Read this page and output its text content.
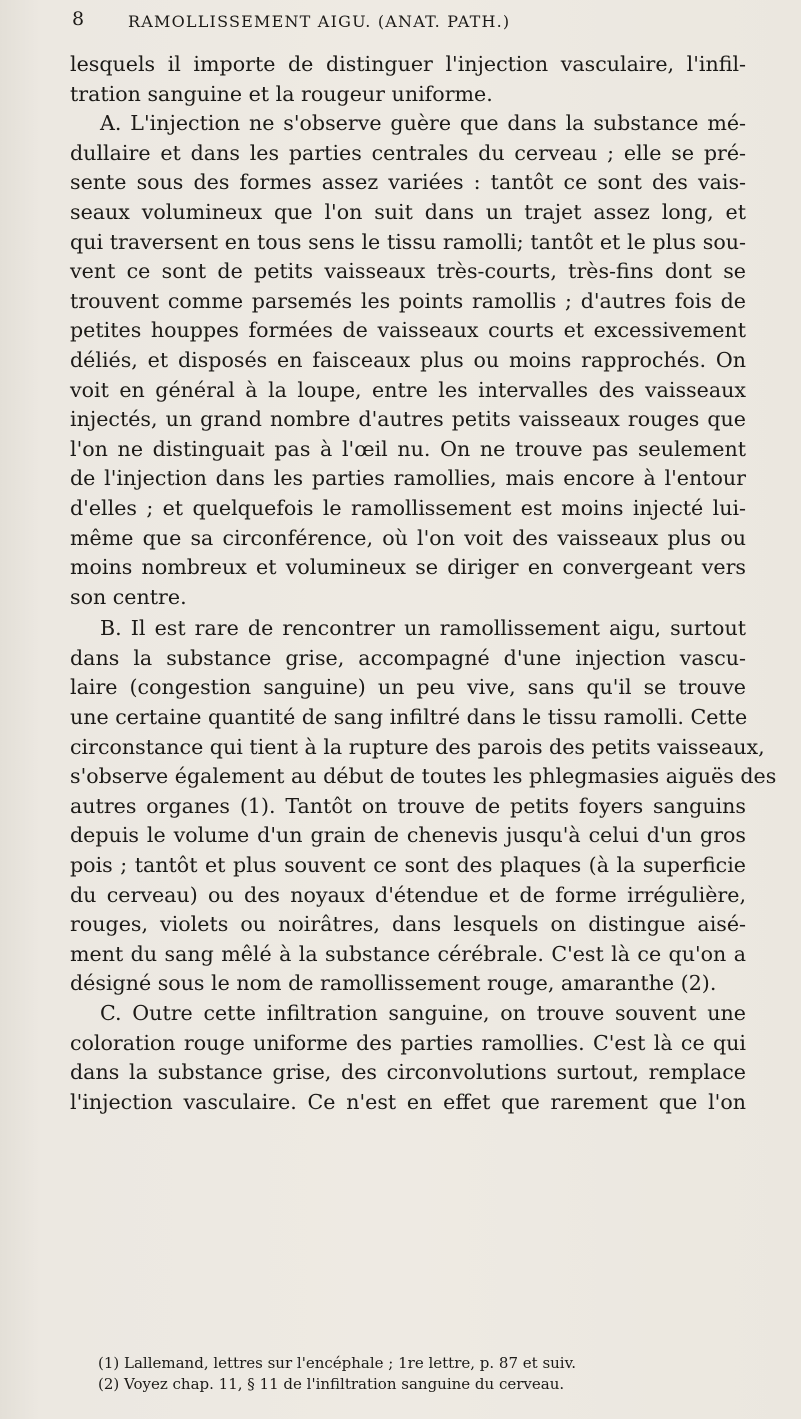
8	RAMOLLISSEMENT AIGU. (ANAT. PATH.)
lesquels il importe de distinguer l'injection vasculaire, l'infil-
tration sanguine et la rougeur uniforme.
A. L'injection ne s'observe guère que dans la substance mé-
dullaire et dans les parties centrales du cerveau ; elle se pré-
sente sous des formes assez variées : tantôt ce sont des vais-
seaux volumineux que l'on suit dans un trajet assez long, et
qui traversent en tous sens le tissu ramolli; tantôt et le plus sou-
vent ce sont de petits vaisseaux très-courts, très-fins dont se
trouvent comme parsemés les points ramollis ; d'autres fois de
petites houppes formées de vaisseaux courts et excessivement
déliés, et disposés en faisceaux plus ou moins rapprochés. On
voit en général à la loupe, entre les intervalles des vaisseaux
injectés, un grand nombre d'autres petits vaisseaux rouges que
l'on ne distinguait pas à l'œil nu. On ne trouve pas seulement
de l'injection dans les parties ramollies, mais encore à l'entour
d'elles ; et quelquefois le ramollissement est moins injecté lui-
même que sa circonférence, où l'on voit des vaisseaux plus ou
moins nombreux et volumineux se diriger en convergeant vers
son centre.
B. Il est rare de rencontrer un ramollissement aigu, surtout
dans la substance grise, accompagné d'une injection vascu-
laire (congestion sanguine) un peu vive, sans qu'il se trouve
une certaine quantité de sang infiltré dans le tissu ramolli. Cette
circonstance qui tient à la rupture des parois des petits vaisseaux,
s'observe également au début de toutes les phlegmasies aiguës des
autres organes (1). Tantôt on trouve de petits foyers sanguins
depuis le volume d'un grain de chenevis jusqu'à celui d'un gros
pois ; tantôt et plus souvent ce sont des plaques (à la superficie
du cerveau) ou des noyaux d'étendue et de forme irrégulière,
rouges, violets ou noirâtres, dans lesquels on distingue aisé-
ment du sang mêlé à la substance cérébrale. C'est là ce qu'on a
désigné sous le nom de ramollissement rouge, amaranthe (2).
C. Outre cette infiltration sanguine, on trouve souvent une
coloration rouge uniforme des parties ramollies. C'est là ce qui
dans la substance grise, des circonvolutions surtout, remplace
l'injection vasculaire. Ce n'est en effet que rarement que l'on
(1) Lallemand, lettres sur l'encéphale ; 1re lettre, p. 87 et suiv.
(2) Voyez chap. 11, § 11 de l'infiltration sanguine du cerveau.
